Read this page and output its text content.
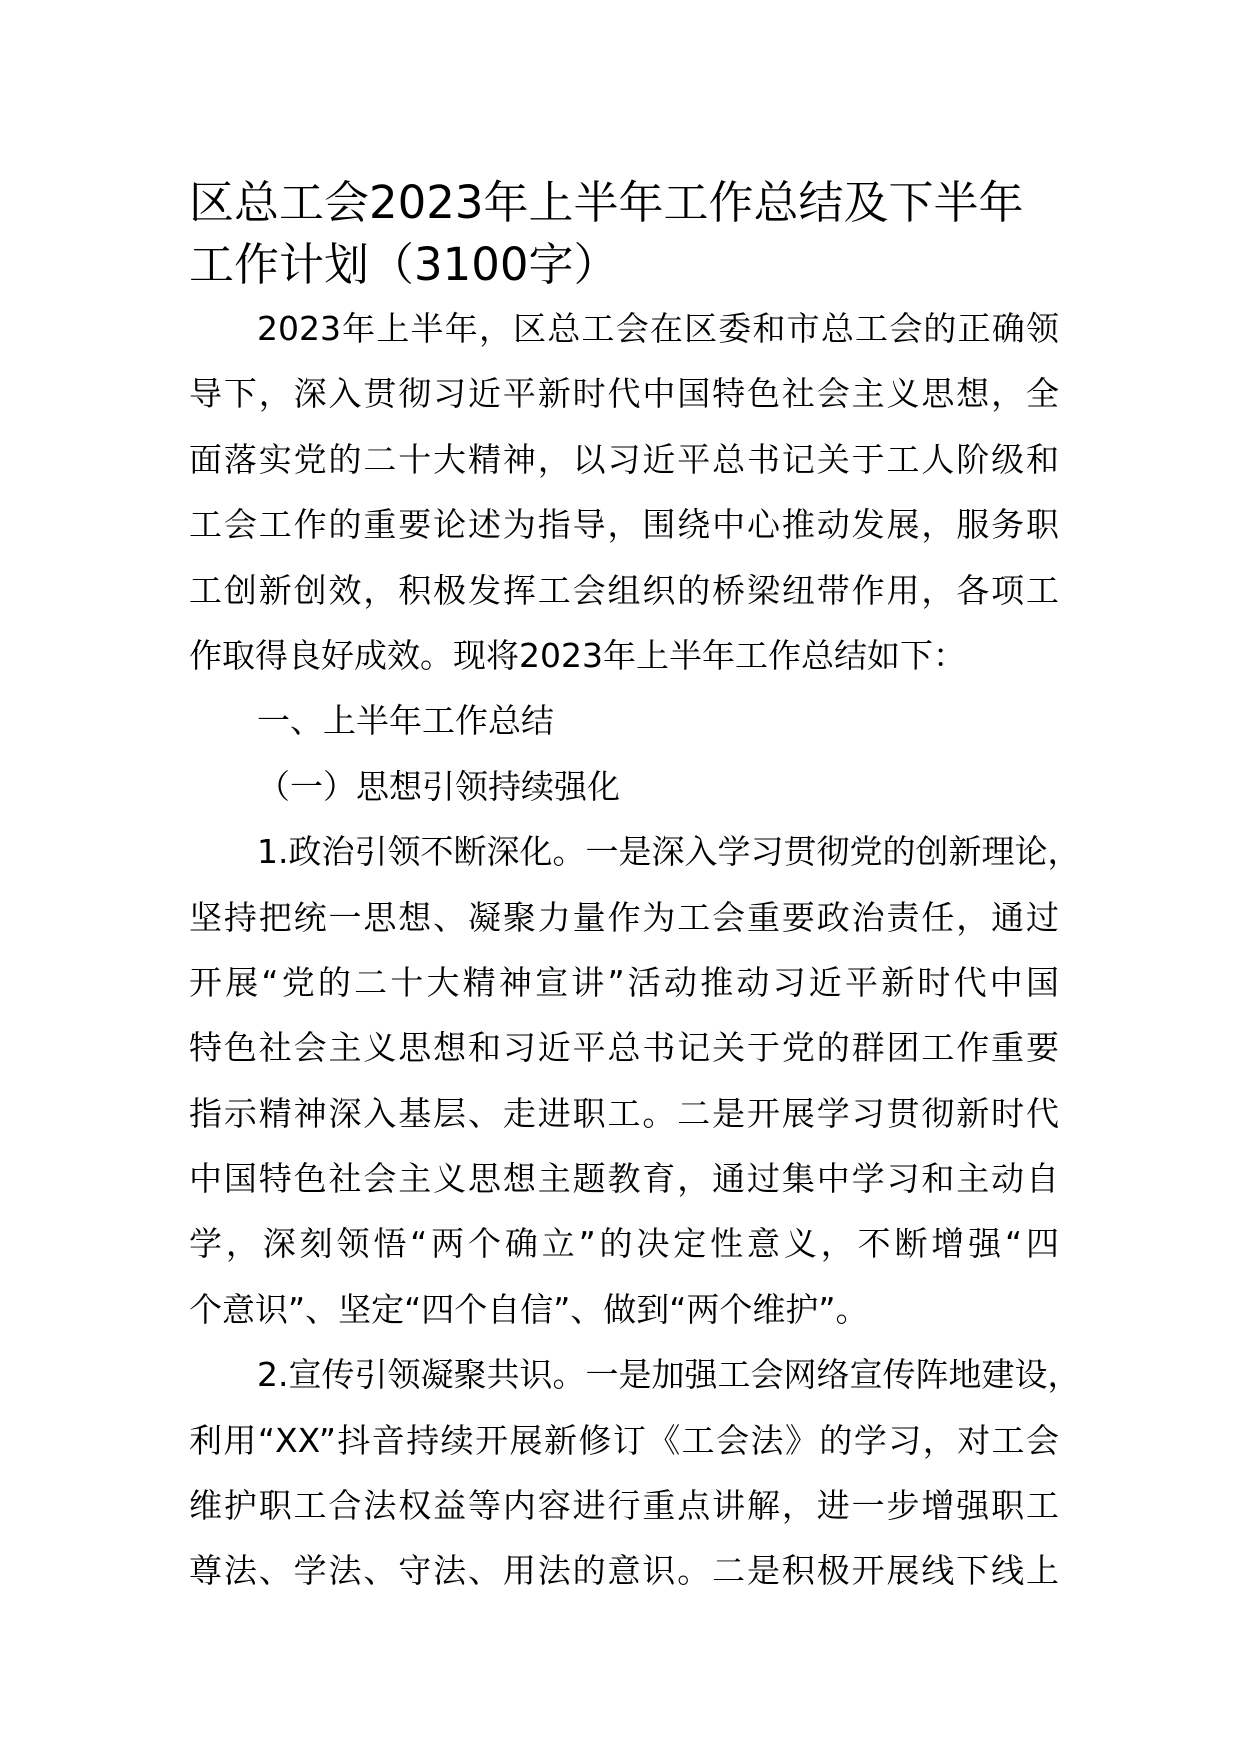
区总工会2023年上半年工作总结及下半年
工作计划（3100字）
2023年上半年，区总工会在区委和市总工会的正确领
导下，深入贯彻习近平新时代中国特色社会主义思想，全
面落实党的二十大精神，以习近平总书记关于工人阶级和
工会工作的重要论述为指导，围绕中心推动发展，服务职
工创新创效，积极发挥工会组织的桥梁纽带作用，各项工
作取得良好成效。现将2023年上半年工作总结如下：
一、上半年工作总结
（一）思想引领持续强化
1.政治引领不断深化。一是深入学习贯彻党的创新理论，
坚持把统一思想、凝聚力量作为工会重要政治责任，通过
开展“党的二十大精神宣讲”活动推动习近平新时代中国
特色社会主义思想和习近平总书记关于党的群团工作重要
指示精神深入基层、走进职工。二是开展学习贯彻新时代
中国特色社会主义思想主题教育，通过集中学习和主动自
学，深刻领悟“两个确立”的决定性意义，不断增强“四
个意识”、坚定“四个自信”、做到“两个维护”。
2.宣传引领凝聚共识。一是加强工会网络宣传阵地建设，
利用“XX”抖音持续开展新修订《工会法》的学习，对工会
维护职工合法权益等内容进行重点讲解，进一步增强职工
尊法、学法、守法、用法的意识。二是积极开展线下线上
